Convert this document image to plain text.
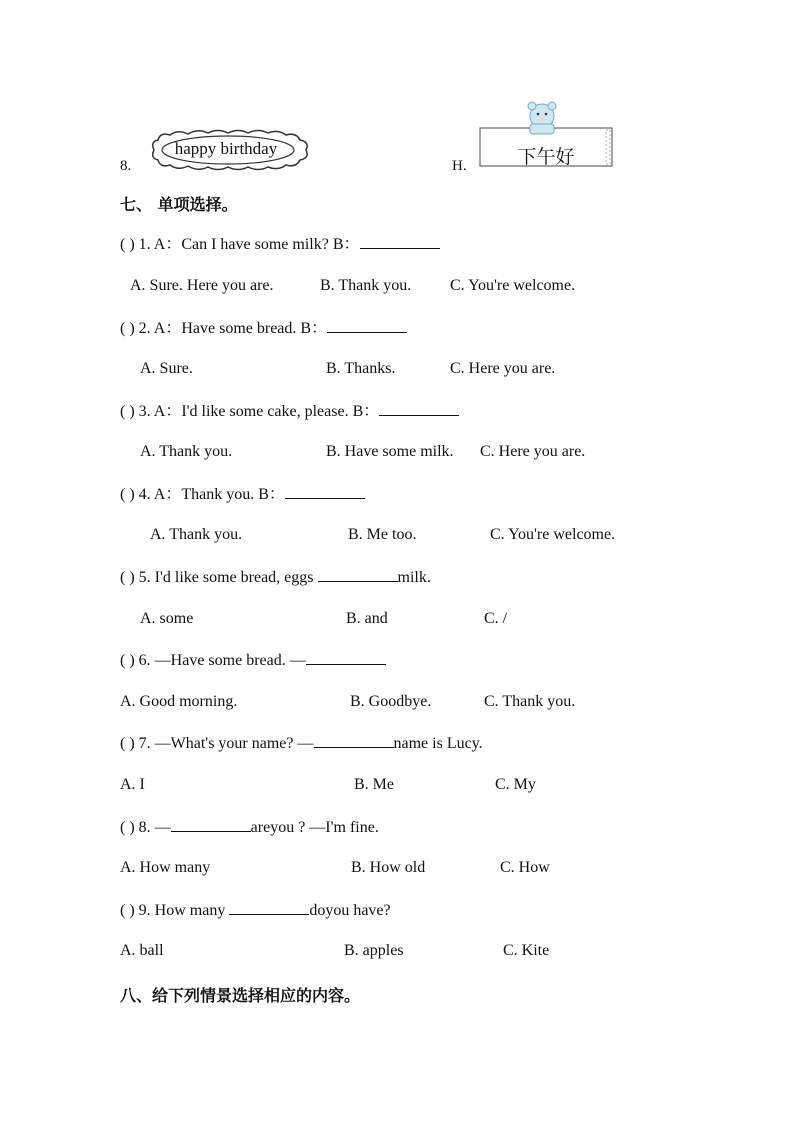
8.
happy birthday
H.	下午好
七、 单项选择。
( ) 1. A：Can I have some milk? B：
A. Sure. Here you are.	B. Thank you. C. You're welcome.
( ) 2. A：Have some bread. B：
A. Sure.	B. Thanks.	C. Here you are.
( ) 3. A：I'd like some cake, please. B：
A. Thank you.	B. Have some milk. C. Here you are.
( ) 4. A：Thank you. B：
A. Thank you.	B. Me too.	C. You're welcome.
( ) 5. I'd like some bread, eggs	milk.
A. some	B. and	C. /
( ) 6. —Have some bread. —
A. Good morning.	B. Goodbye.	C. Thank you.
( ) 7. —What's your name? —	name is Lucy.
A. I	B. Me	C. My
( ) 8. —	areyou ? —I'm fine.
A. How many	B. How old	C. How
( ) 9. How many	doyou have?
A. ball	B. apples	C. Kite
八、给下列情景选择相应的内容。
